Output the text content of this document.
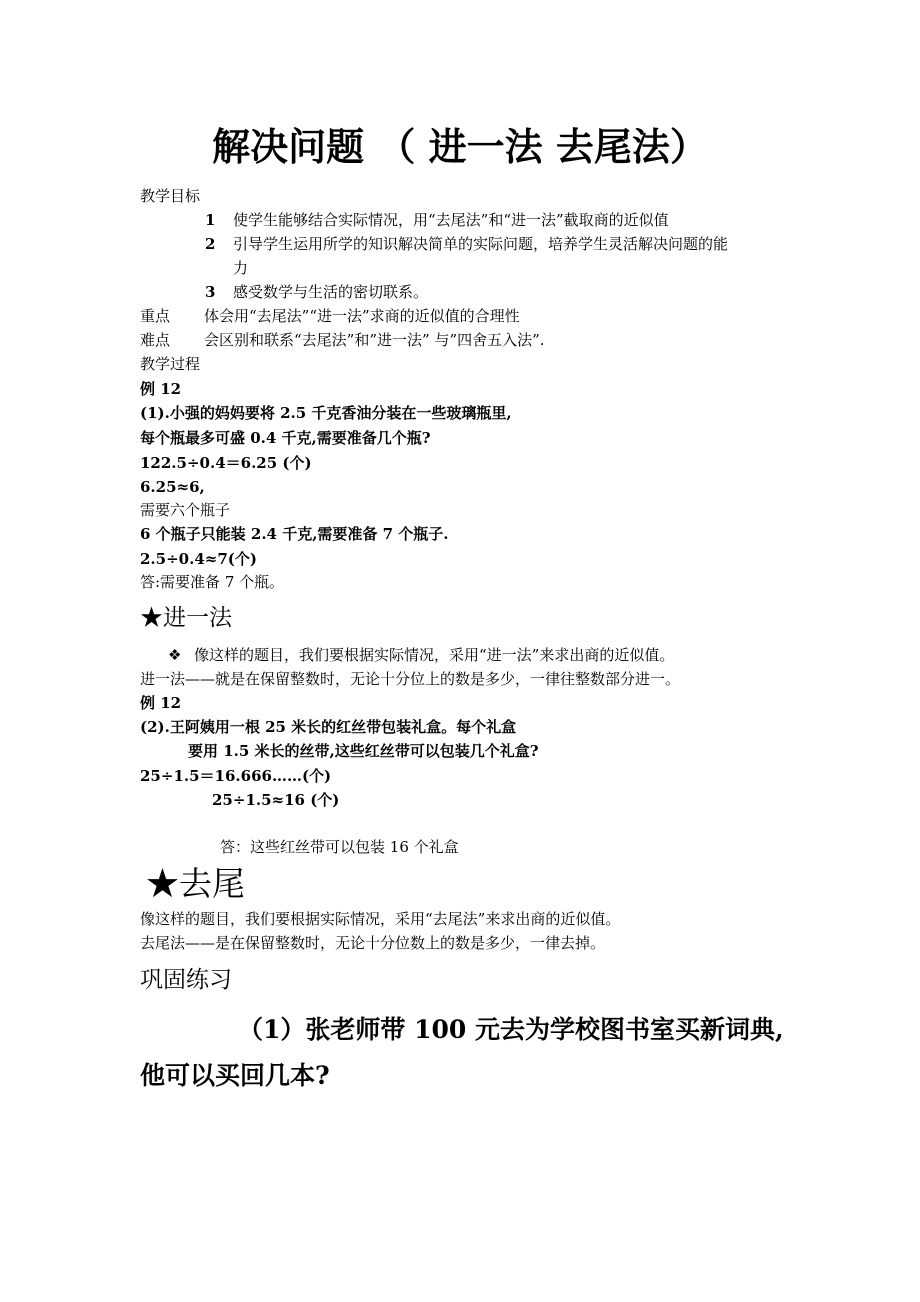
解决问题 （ 进一法 去尾法）
教学目标
1 使学生能够结合实际情况，用“去尾法”和“进一法”截取商的近似值
2 引导学生运用所学的知识解决简单的实际问题，培养学生灵活解决问题的能
力
3 感受数学与生活的密切联系。
重点 体会用“去尾法”“进一法”求商的近似值的合理性
难点 会区别和联系“去尾法”和”进一法” 与”四舍五入法”.
教学过程
例 12
(1).小强的妈妈要将 2.5 千克香油分装在一些玻璃瓶里,
每个瓶最多可盛 0.4 千克,需要准备几个瓶?
122.5÷0.4＝6.25 (个)
6.25≈6,
需要六个瓶子
6 个瓶子只能装 2.4 千克,需要准备 7 个瓶子.
2.5÷0.4≈7(个)
答:需要准备 7 个瓶。
★进一法
❖ 像这样的题目，我们要根据实际情况，采用“进一法”来求出商的近似值。
进一法——就是在保留整数时，无论十分位上的数是多少，一律往整数部分进一。
例 12
(2).王阿姨用一根 25 米长的红丝带包装礼盒。每个礼盒
要用 1.5 米长的丝带,这些红丝带可以包装几个礼盒?
25÷1.5＝16.666……(个)
25÷1.5≈16 (个)
答：这些红丝带可以包装 16 个礼盒
★去尾
像这样的题目，我们要根据实际情况，采用“去尾法”来求出商的近似值。
去尾法——是在保留整数时，无论十分位数上的数是多少，一律去掉。
巩固练习
（1）张老师带 100 元去为学校图书室买新词典,
他可以买回几本?
